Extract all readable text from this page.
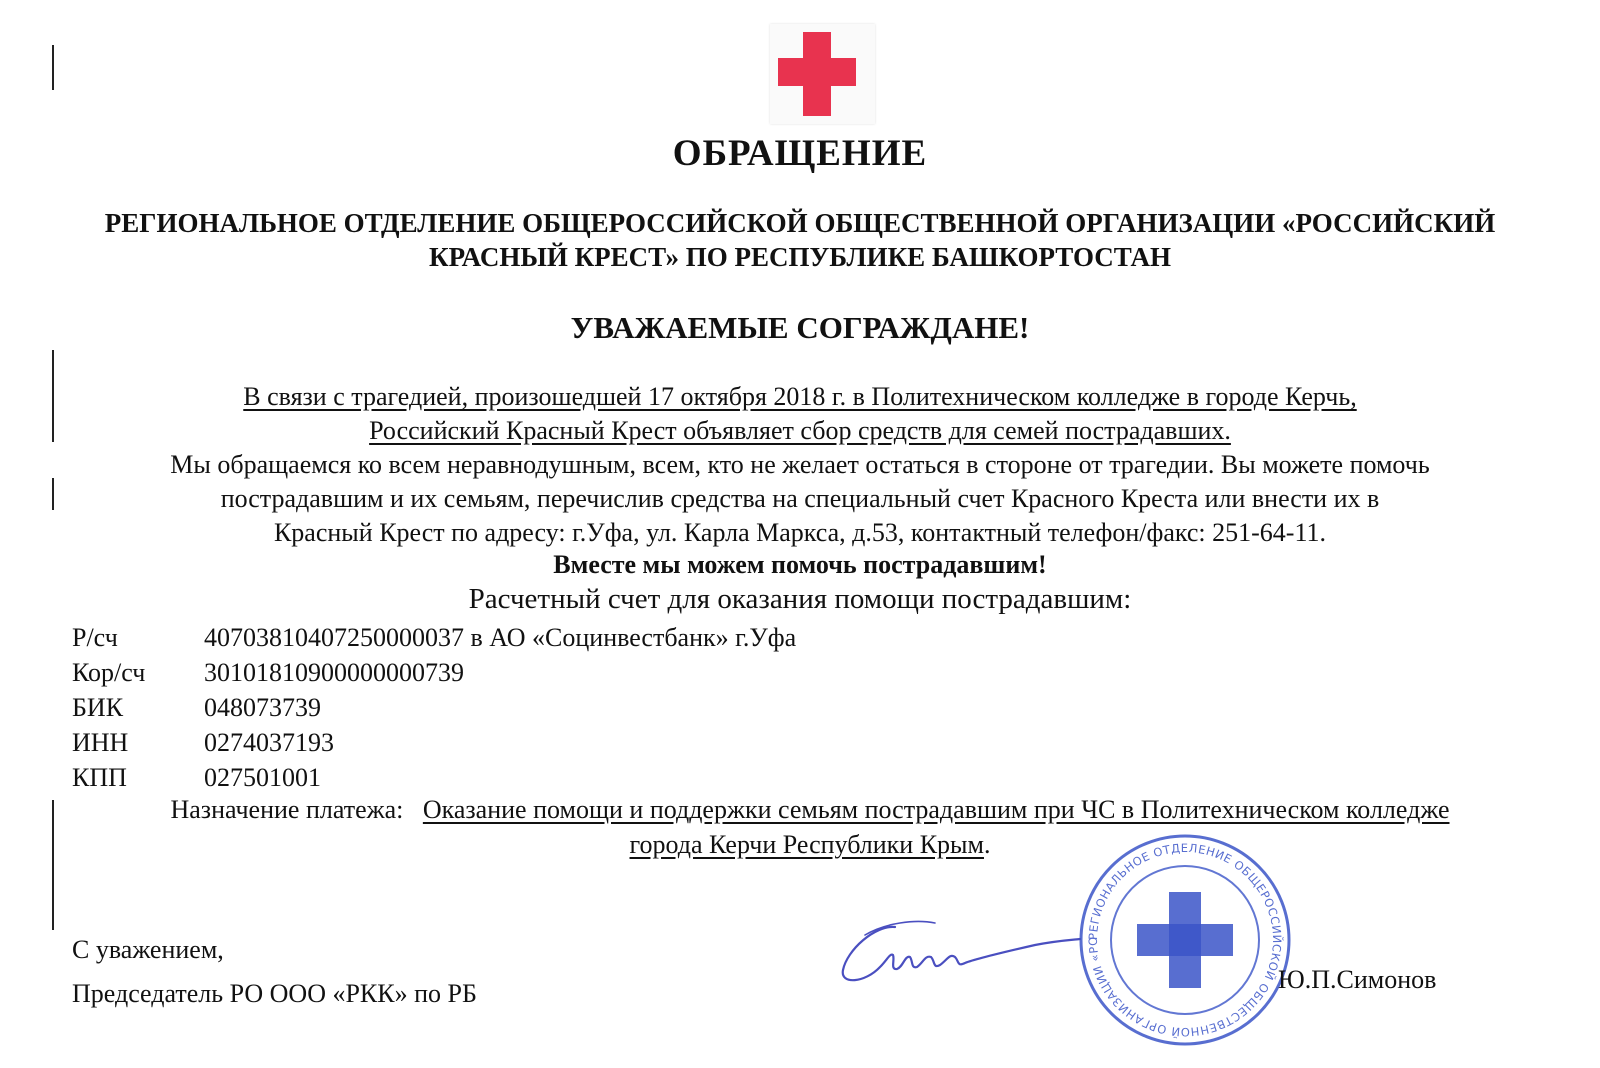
ОБРАЩЕНИЕ
РЕГИОНАЛЬНОЕ ОТДЕЛЕНИЕ ОБЩЕРОССИЙСКОЙ ОБЩЕСТВЕННОЙ ОРГАНИЗАЦИИ «РОССИЙСКИЙ
КРАСНЫЙ КРЕСТ» ПО РЕСПУБЛИКЕ БАШКОРТОСТАН
УВАЖАЕМЫЕ СОГРАЖДАНЕ!
В связи с трагедией, произошедшей 17 октября 2018 г. в Политехническом колледже в городе Керчь,
Российский Красный Крест объявляет сбор средств для семей пострадавших.
Мы обращаемся ко всем неравнодушным, всем, кто не желает остаться в стороне от трагедии. Вы можете помочь
пострадавшим и их семьям, перечислив средства на специальный счет Красного Креста или внести их в
Красный Крест по адресу: г.Уфа, ул. Карла Маркса, д.53, контактный телефон/факс: 251-64-11.
Вместе мы можем помочь пострадавшим!
Расчетный счет для оказания помощи пострадавшим:
Р/сч	40703810407250000037 в АО «Социнвестбанк» г.Уфа
Кор/сч	30101810900000000739
БИК	048073739
ИНН	0274037193
КПП	027501001
Назначение платежа: Оказание помощи и поддержки семьям пострадавшим при ЧС в Политехническом колледже
города Керчи Республики Крым.
С уважением,
Председатель РО ООО «РКК» по РБ
РЕГИОНАЛЬНОЕ ОТДЕЛЕНИЕ ОБЩЕРОССИЙСКОЙ ОБЩЕСТВЕННОЙ ОРГАНИЗАЦИИ «РО
Ю.П.Симонов
